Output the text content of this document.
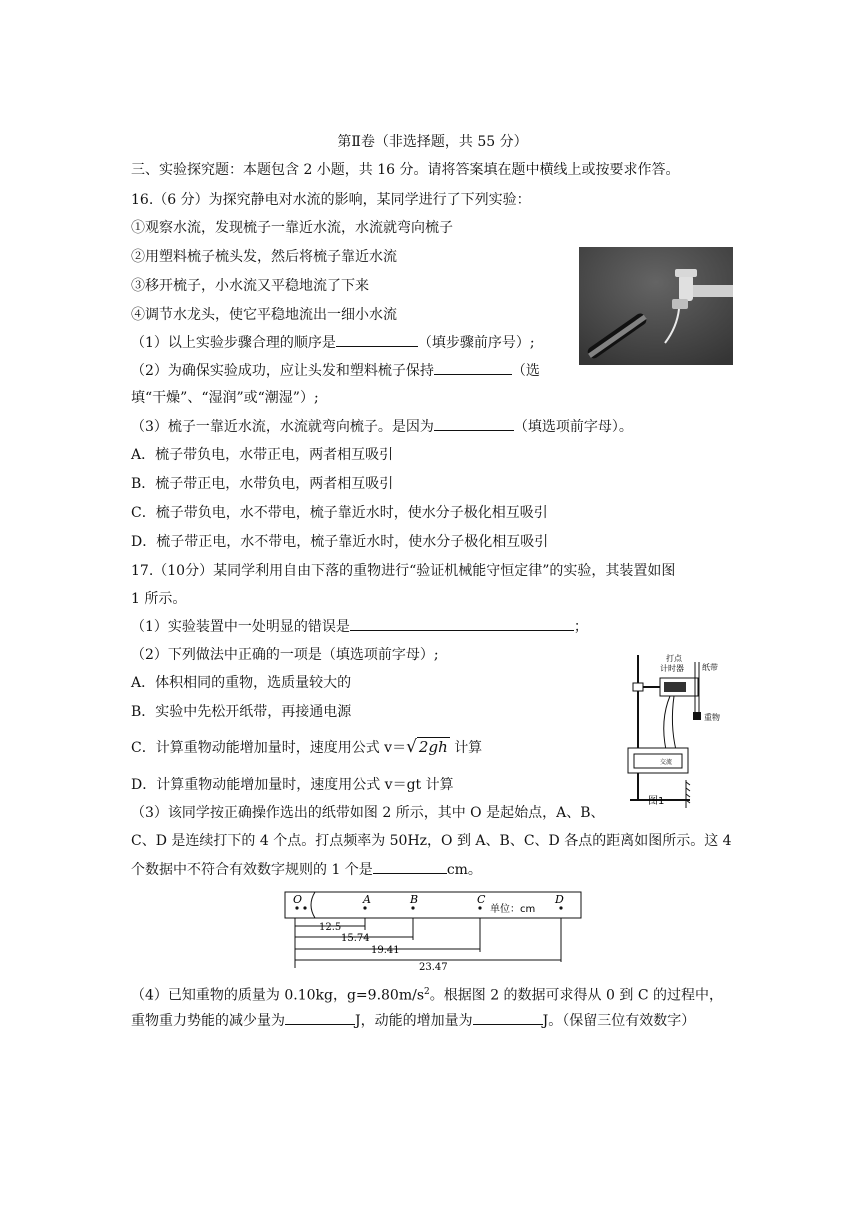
第Ⅱ卷（非选择题，共 55 分）
三、实验探究题：本题包含 2 小题，共 16 分。请将答案填在题中横线上或按要求作答。
16.（6 分）为探究静电对水流的影响，某同学进行了下列实验：
①观察水流，发现梳子一靠近水流，水流就弯向梳子
②用塑料梳子梳头发，然后将梳子靠近水流
③移开梳子，小水流又平稳地流了下来
④调节水龙头，使它平稳地流出一细小水流
（1）以上实验步骤合理的顺序是	（填步骤前序号）;
（2）为确保实验成功，应让头发和塑料梳子保持	（选
填“干燥”、“湿润”或“潮湿”）;
（3）梳子一靠近水流，水流就弯向梳子。是因为	（填选项前字母）。
A．梳子带负电，水带正电，两者相互吸引
B．梳子带正电，水带负电，两者相互吸引
C．梳子带负电，水不带电，梳子靠近水时，使水分子极化相互吸引
D．梳子带正电，水不带电，梳子靠近水时，使水分子极化相互吸引
17.（10分）某同学利用自由下落的重物进行“验证机械能守恒定律”的实验，其装置如图
1 所示。
（1）实验装置中一处明显的错误是	；
（2）下列做法中正确的一项是（填选项前字母）;
A．体积相同的重物，选质量较大的
B．实验中先松开纸带，再接通电源
C．计算重物动能增加量时，速度用公式 v＝√ 2gh 计算
D．计算重物动能增加量时，速度用公式 v＝gt 计算
（3）该同学按正确操作选出的纸带如图 2 所示，其中 O 是起始点，A、B、
C、D 是连续打下的 4 个点。打点频率为 50Hz，O 到 A、B、C、D 各点的距离如图所示。这 4
个数据中不符合有效数字规则的 1 个是	cm。
（4）已知重物的质量为 0.10kg，$g=9.80m/s^2$。根据图 2 的数据可求得从 0 到 C 的过程中，
重物重力势能的减少量为	J，动能的增加量为	J。（保留三位有效数字）
打点
计时器 纸带
重物
交流
图1
O	A	B	C	D
单位：cm
12.5
15.74
19.41
23.47
